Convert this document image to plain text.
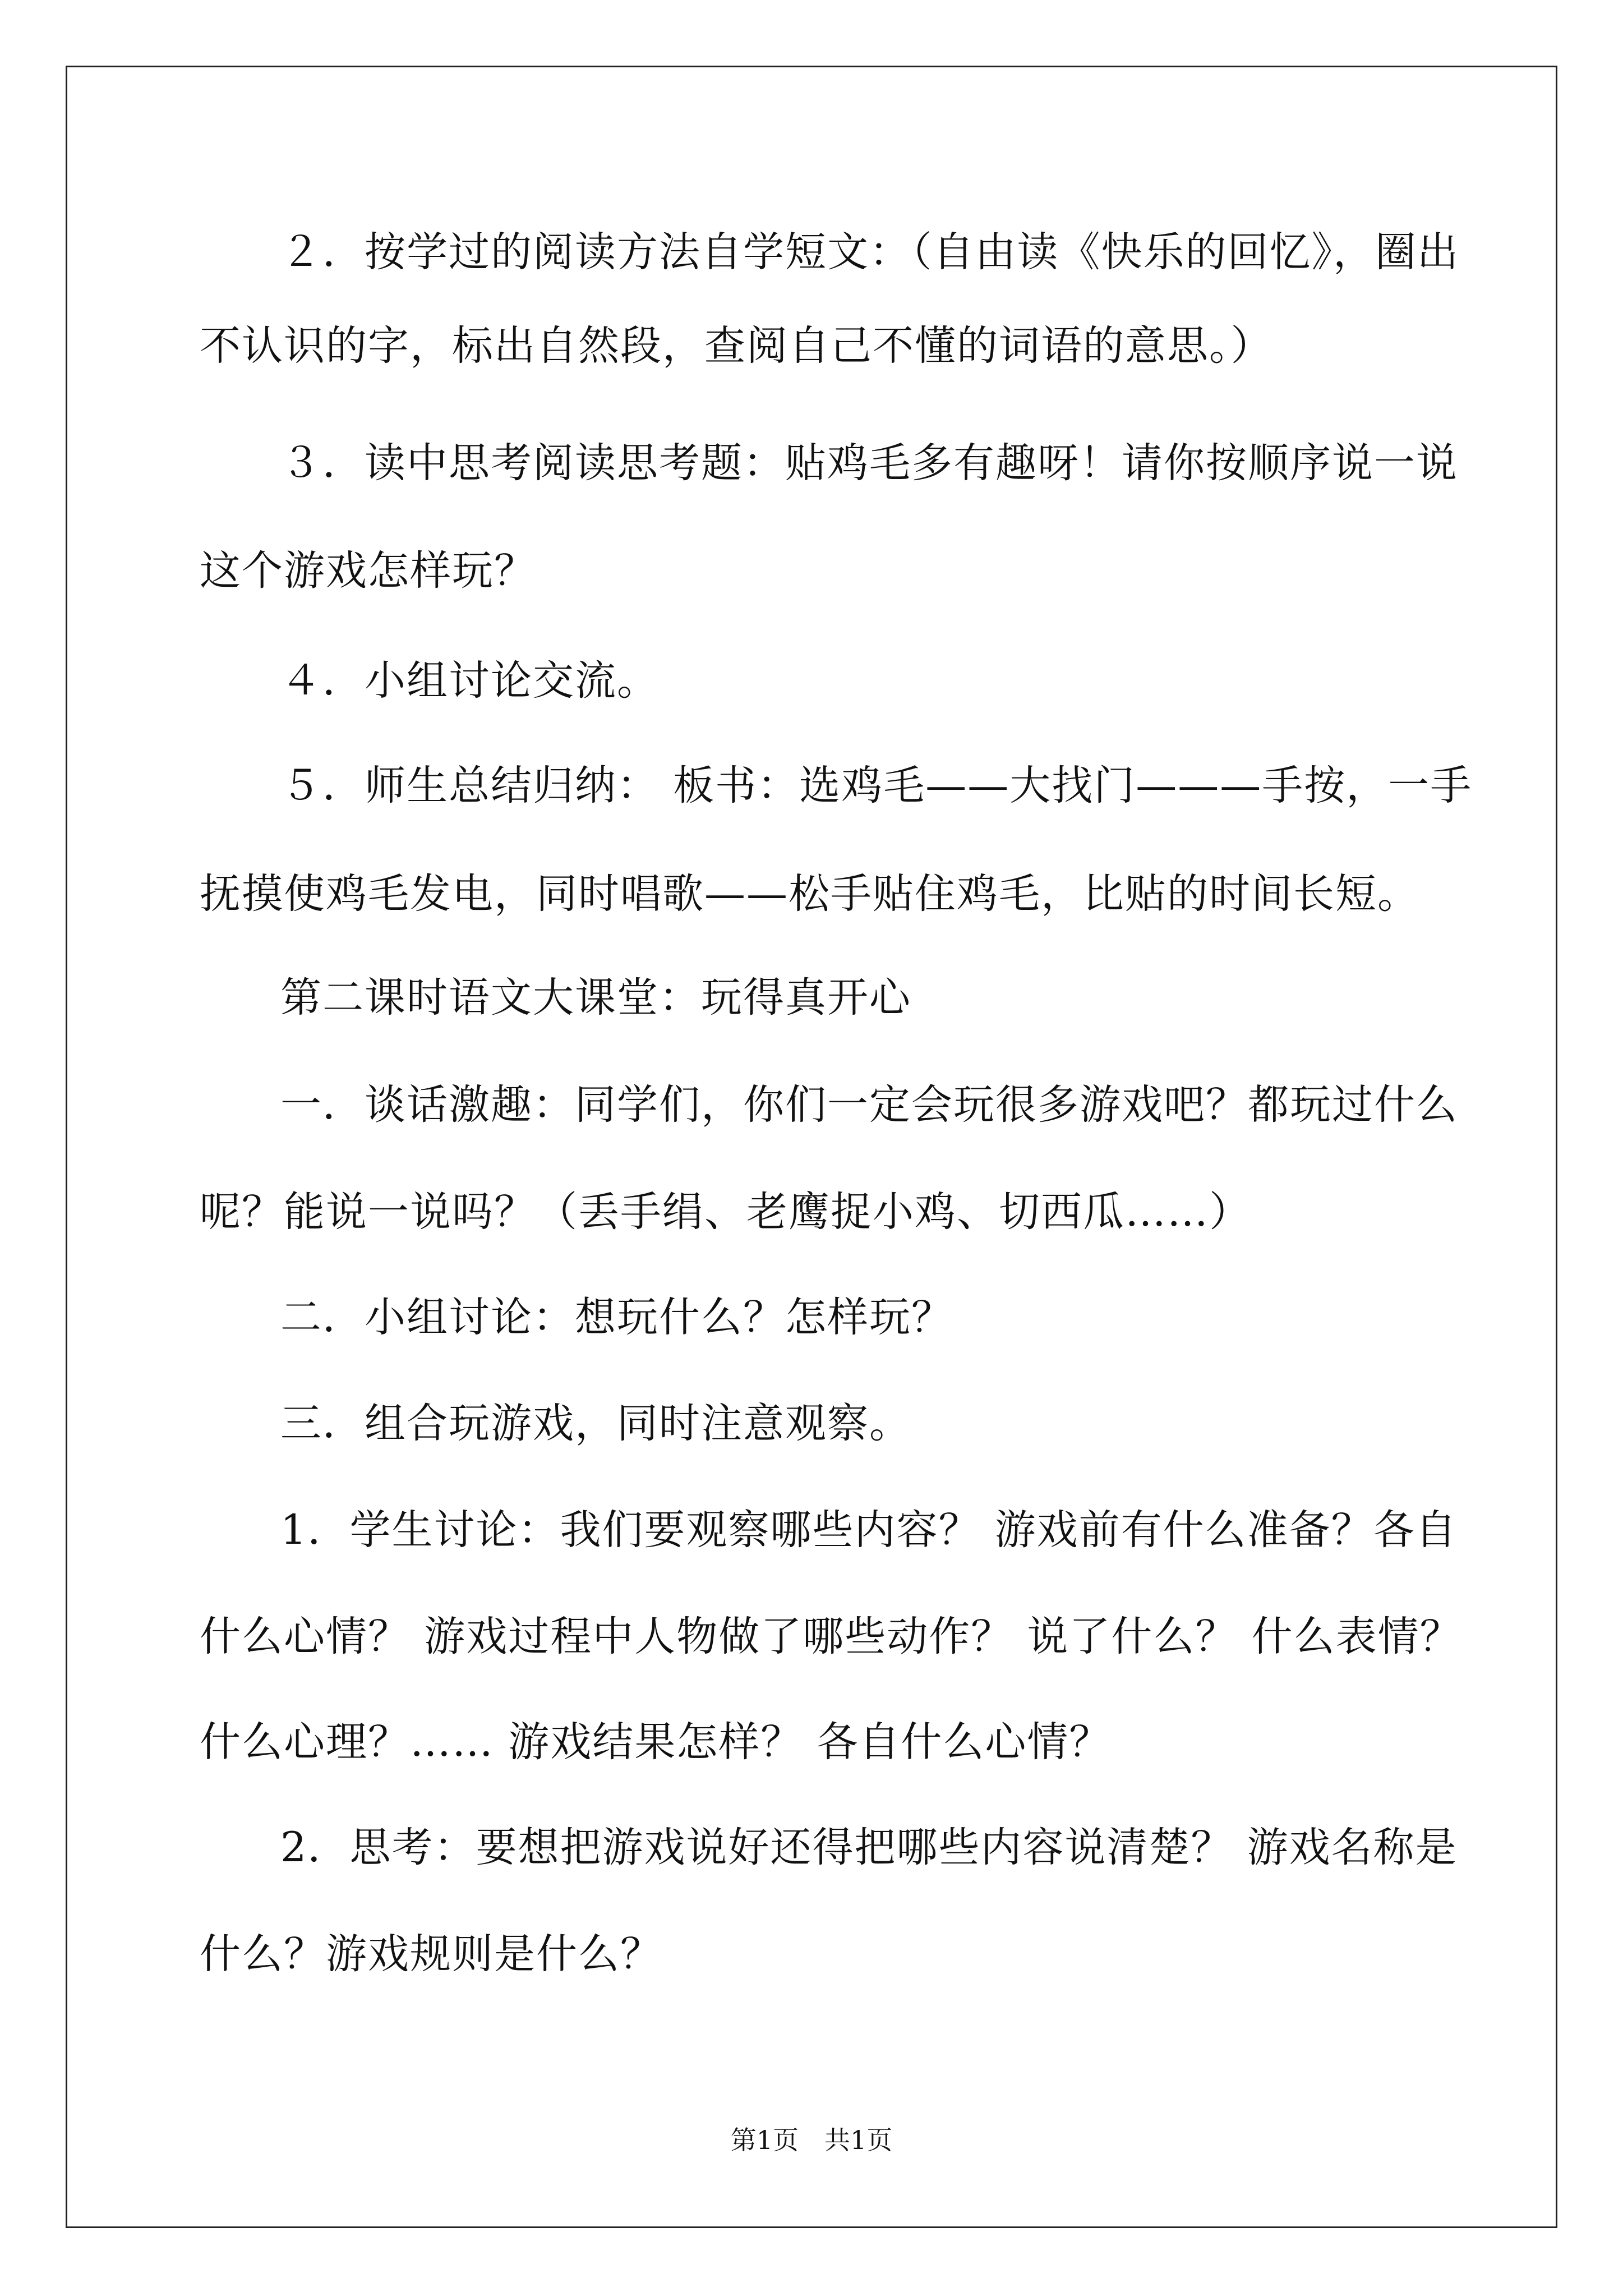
２．按学过的阅读方法自学短文：（自由读《快乐的回忆》，圈出
不认识的字，标出自然段，查阅自己不懂的词语的意思。）
３．读中思考阅读思考题：贴鸡毛多有趣呀！请你按顺序说一说
这个游戏怎样玩？
４．小组讨论交流。
５．师生总结归纳： 板书：选鸡毛——大找门———手按，一手
抚摸使鸡毛发电，同时唱歌——松手贴住鸡毛，比贴的时间长短。
第二课时语文大课堂：玩得真开心
一．谈话激趣：同学们，你们一定会玩很多游戏吧？都玩过什么
呢？能说一说吗？（丢手绢、老鹰捉小鸡、切西瓜……）
二．小组讨论：想玩什么？怎样玩？
三．组合玩游戏，同时注意观察。
1．学生讨论：我们要观察哪些内容？ 游戏前有什么准备？各自
什么心情？ 游戏过程中人物做了哪些动作？ 说了什么？ 什么表情？
什么心理？…… 游戏结果怎样？ 各自什么心情？
2．思考：要想把游戏说好还得把哪些内容说清楚？ 游戏名称是
什么？游戏规则是什么？
第1页　共1页
